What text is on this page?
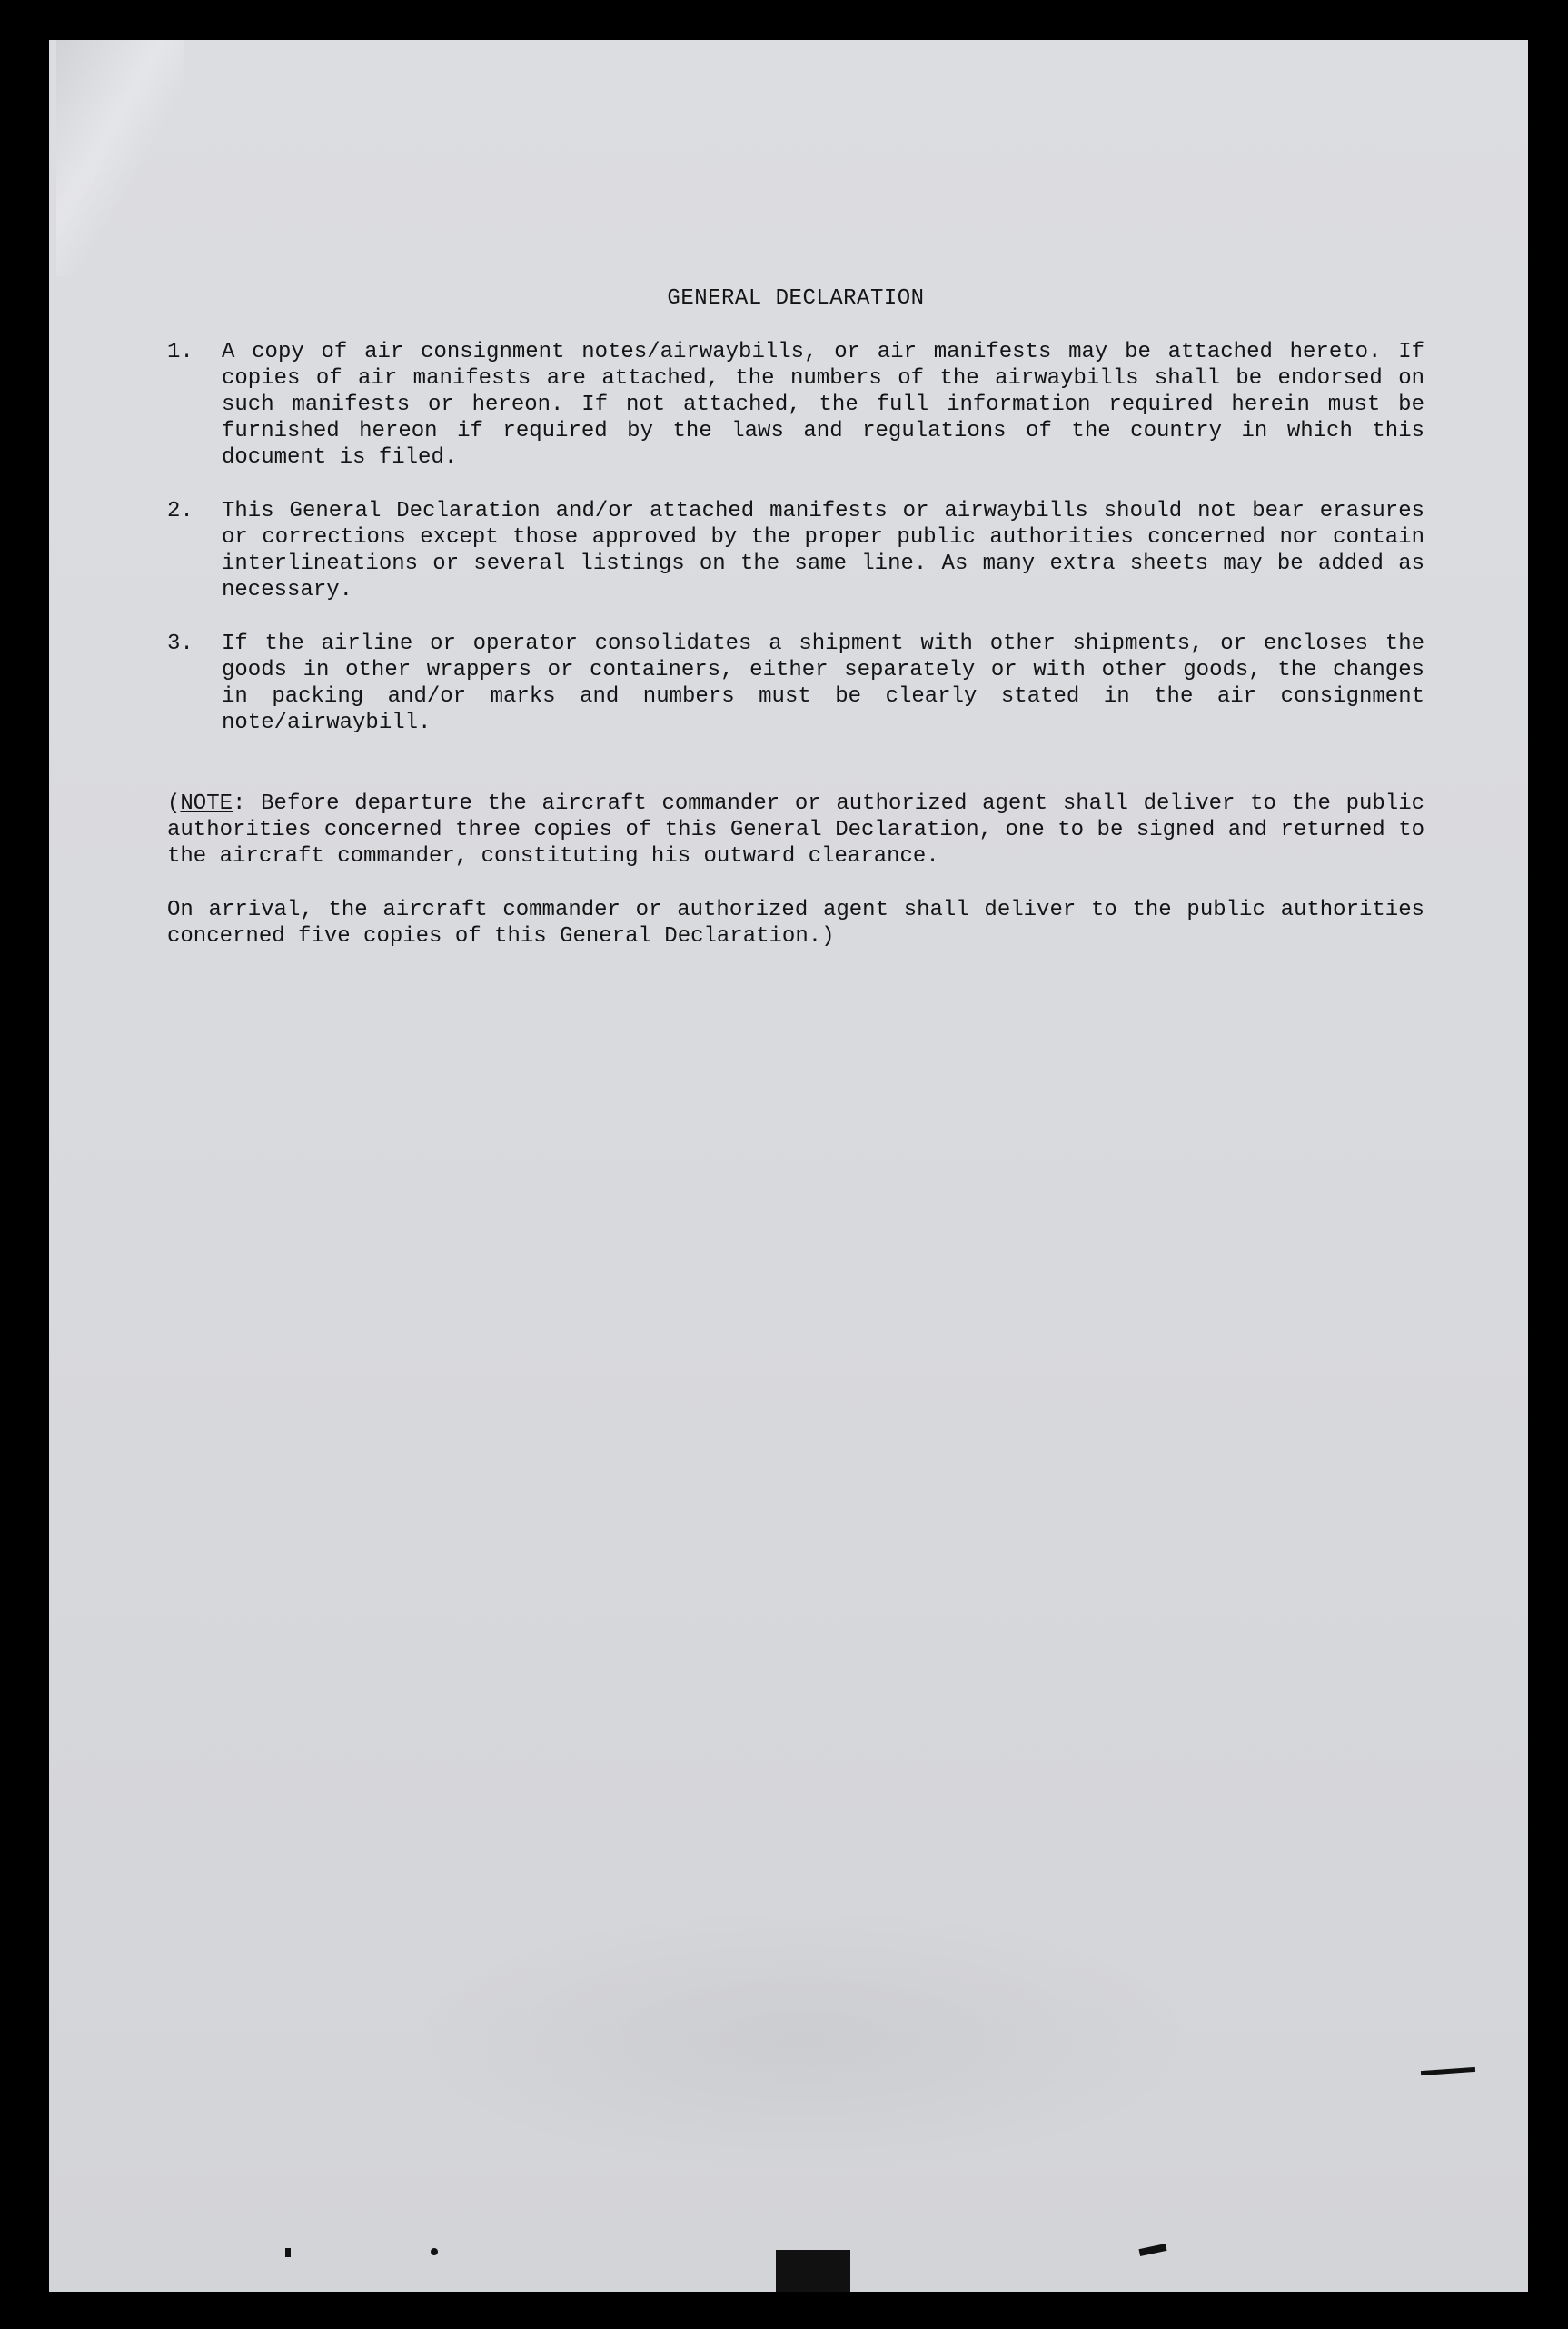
GENERAL DECLARATION
1.	A copy of air consignment notes/airwaybills, or air manifests may be attached hereto. If copies of air manifests are attached, the numbers of the airwaybills shall be endorsed on such manifests or hereon. If not attached, the full information required herein must be furnished hereon if required by the laws and regulations of the country in which this document is filed.
2.	This General Declaration and/or attached manifests or airwaybills should not bear erasures or corrections except those approved by the proper public authorities concerned nor contain interlineations or several listings on the same line. As many extra sheets may be added as necessary.
3.	If the airline or operator consolidates a shipment with other shipments, or encloses the goods in other wrappers or containers, either separately or with other goods, the changes in packing and/or marks and numbers must be clearly stated in the air consignment note/airwaybill.

(NOTE: Before departure the aircraft commander or authorized agent shall deliver to the public authorities concerned three copies of this General Declaration, one to be signed and returned to the aircraft commander, constituting his outward clearance.

On arrival, the aircraft commander or authorized agent shall deliver to the public authorities concerned five copies of this General Declaration.)
